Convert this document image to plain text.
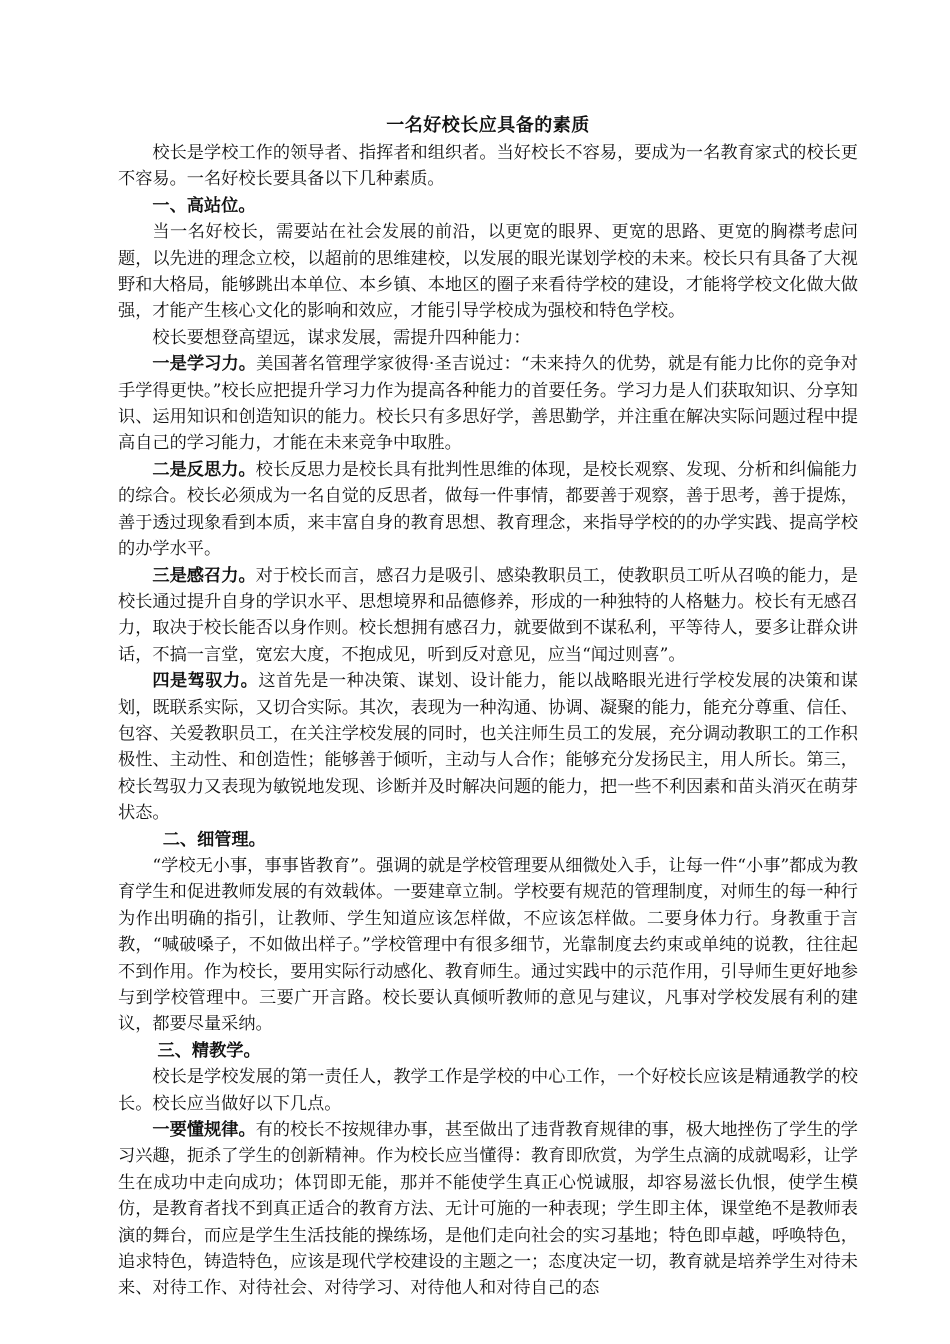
一名好校长应具备的素质

校长是学校工作的领导者、指挥者和组织者。当好校长不容易，要成为一名教育家式的校长更不容易。一名好校长要具备以下几种素质。

一、高站位。

当一名好校长，需要站在社会发展的前沿，以更宽的眼界、更宽的思路、更宽的胸襟考虑问题，以先进的理念立校，以超前的思维建校，以发展的眼光谋划学校的未来。校长只有具备了大视野和大格局，能够跳出本单位、本乡镇、本地区的圈子来看待学校的建设，才能将学校文化做大做强，才能产生核心文化的影响和效应，才能引导学校成为强校和特色学校。

校长要想登高望远，谋求发展，需提升四种能力：

一是学习力。美国著名管理学家彼得·圣吉说过：“未来持久的优势，就是有能力比你的竞争对手学得更快。”校长应把提升学习力作为提高各种能力的首要任务。学习力是人们获取知识、分享知识、运用知识和创造知识的能力。校长只有多思好学，善思勤学，并注重在解决实际问题过程中提高自己的学习能力，才能在未来竞争中取胜。

二是反思力。校长反思力是校长具有批判性思维的体现，是校长观察、发现、分析和纠偏能力的综合。校长必须成为一名自觉的反思者，做每一件事情，都要善于观察，善于思考，善于提炼，善于透过现象看到本质，来丰富自身的教育思想、教育理念，来指导学校的的办学实践、提高学校的办学水平。

三是感召力。对于校长而言，感召力是吸引、感染教职员工，使教职员工听从召唤的能力，是校长通过提升自身的学识水平、思想境界和品德修养，形成的一种独特的人格魅力。校长有无感召力，取决于校长能否以身作则。校长想拥有感召力，就要做到不谋私利，平等待人，要多让群众讲话，不搞一言堂，宽宏大度，不抱成见，听到反对意见，应当“闻过则喜”。

四是驾驭力。这首先是一种决策、谋划、设计能力，能以战略眼光进行学校发展的决策和谋划，既联系实际，又切合实际。其次，表现为一种沟通、协调、凝聚的能力，能充分尊重、信任、包容、关爱教职员工，在关注学校发展的同时，也关注师生员工的发展，充分调动教职工的工作积极性、主动性、和创造性；能够善于倾听，主动与人合作；能够充分发扬民主，用人所长。第三，校长驾驭力又表现为敏锐地发现、诊断并及时解决问题的能力，把一些不利因素和苗头消灭在萌芽状态。

二、细管理。

“学校无小事，事事皆教育”。强调的就是学校管理要从细微处入手，让每一件“小事”都成为教育学生和促进教师发展的有效载体。一要建章立制。学校要有规范的管理制度，对师生的每一种行为作出明确的指引，让教师、学生知道应该怎样做，不应该怎样做。二要身体力行。身教重于言教，“喊破嗓子，不如做出样子。”学校管理中有很多细节，光靠制度去约束或单纯的说教，往往起不到作用。作为校长，要用实际行动感化、教育师生。通过实践中的示范作用，引导师生更好地参与到学校管理中。三要广开言路。校长要认真倾听教师的意见与建议，凡事对学校发展有利的建议，都要尽量采纳。

三、精教学。

校长是学校发展的第一责任人，教学工作是学校的中心工作，一个好校长应该是精通教学的校长。校长应当做好以下几点。

一要懂规律。有的校长不按规律办事，甚至做出了违背教育规律的事，极大地挫伤了学生的学习兴趣，扼杀了学生的创新精神。作为校长应当懂得：教育即欣赏，为学生点滴的成就喝彩，让学生在成功中走向成功；体罚即无能，那并不能使学生真正心悦诚服，却容易滋长仇恨，使学生模仿，是教育者找不到真正适合的教育方法、无计可施的一种表现；学生即主体，课堂绝不是教师表演的舞台，而应是学生生活技能的操练场，是他们走向社会的实习基地；特色即卓越，呼唤特色，追求特色，铸造特色，应该是现代学校建设的主题之一；态度决定一切，教育就是培养学生对待未来、对待工作、对待社会、对待学习、对待他人和对待自己的态
